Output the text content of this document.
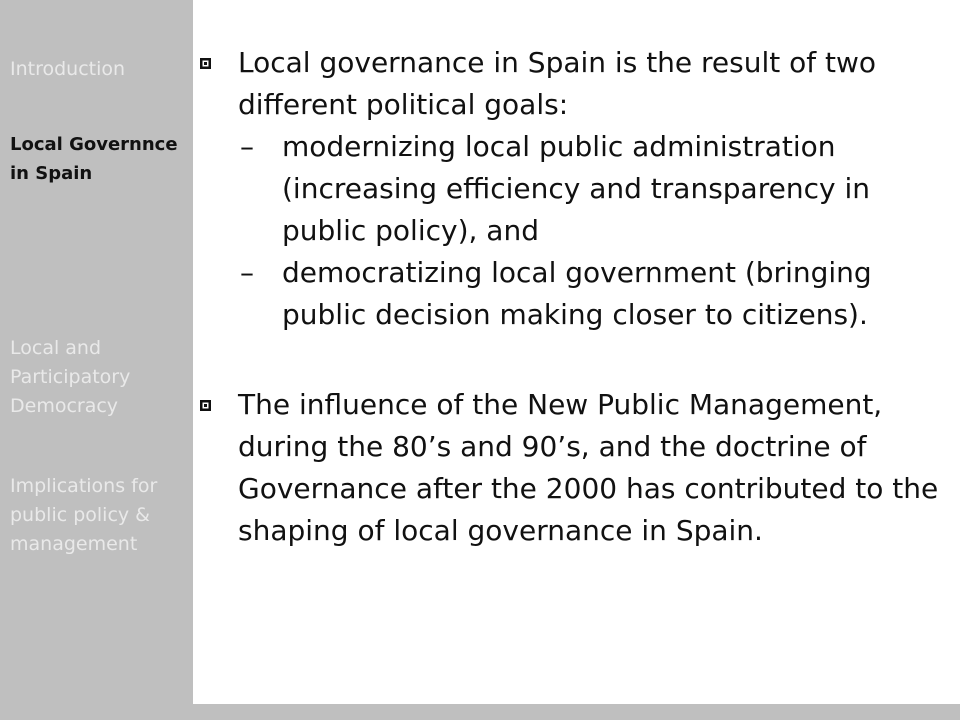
Introduction
Local Governnce in Spain
Local and Participatory Democracy
Implications for public policy & management

Local governance in Spain is the result of two different political goals:

– modernizing local public administration (increasing efficiency and transparency in public policy), and

– democratizing local government (bringing public decision making closer to citizens).

The influence of the New Public Management, during the 80’s and 90’s, and the doctrine of Governance after the 2000 has contributed to the shaping of local governance in Spain.
